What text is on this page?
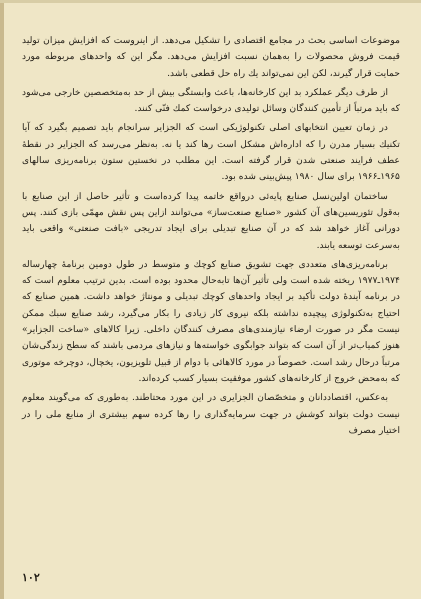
موضوعات اساسی بحث در مجامع اقتصادی را تشکیل می‌دهد. از اینروست که افزایش میزان تولید قیمت فروش محصولات را به‌همان نسبت افزایش می‌دهد. مگر این که واحدهای مربوطه مورد حمایت قرار گیرند، لکن این نمی‌تواند یك راه حل قطعی باشد.

از طرف دیگر عملکرد بد این کارخانه‌ها، باعث وابستگی بیش از حد به‌متخصصین خارجی می‌شود که باید مرتباً از تأمین کنندگان وسائل تولیدی درخواست کمك فنّی کنند.

در زمان تعیین انتخابهای اصلی تکنولوژیکی است که الجزایر سرانجام باید تصمیم بگیرد که آیا تکنیك بسیار مدرن را که اداره‌اش مشکل است رها کند یا نه. به‌نظر می‌رسد که الجزایر در نقطهٔ عطف فرایند صنعتی شدن قرار گرفته است. این مطلب در نخستین ستون برنامه‌ریزی سالهای ۱۹۶۵ـ۱۹۶۶ برای سال ۱۹۸۰ پیش‌بینی شده بود.

ساختمان اولین‌نسل صنایع پایه‌ئی درواقع خاتمه پیدا کرده‌است و تأثیر حاصل از این صنایع با به‌قول تئوریسین‌های آن کشور «صنایع صنعت‌ساز» می‌توانند ازاین پس نقش مهمّی بازی کنند. پس دورانی آغاز خواهد شد که در آن صنایع تبدیلی برای ایجاد تدریجی «بافت صنعتی» واقعی باید به‌سرعت توسعه یابند.

برنامه‌ریزی‌های متعددی جهت تشویق صنایع کوچك و متوسط در طول دومین برنامهٔ چهارساله ۱۹۷۴ـ۱۹۷۷ ریخته شده است ولی تأثیر آن‌ها تابه‌حال محدود بوده است. بدین ترتیب معلوم است که در برنامه آیندهٔ دولت تأکید بر ایجاد واحدهای کوچك تبدیلی و مونتاژ خواهد داشت. همین صنایع که احتیاج به‌تکنولوژی پیچیده نداشته بلکه نیروی کار زیادی را بکار می‌گیرد، رشد صنایع سبك ممکن نیست مگر در صورت ارضاء نیازمندی‌های مصرف کنندگان داخلی. زیرا کالاهای «ساخت الجزایر» هنوز کمیاب‌تر از آن است که بتواند جوابگوی خواسته‌ها و نیازهای مردمی باشند که سطح زندگی‌شان مرتباً درحال رشد است. خصوصاً در مورد کالاهائی با دوام از قبیل تلویزیون، یخچال، دوچرخه موتوری که به‌محض خروج از کارخانه‌های کشور موفقیت بسیار کسب کرده‌اند.

به‌عکس، اقتصاددانان و متخصّصان الجزایری در این مورد محتاطند. به‌طوری که می‌گویند معلوم نیست دولت بتواند کوشش در جهت سرمایه‌گذاری را رها کرده سهم بیشتری از منابع ملی را در اختیار مصرف

۱۰۲
